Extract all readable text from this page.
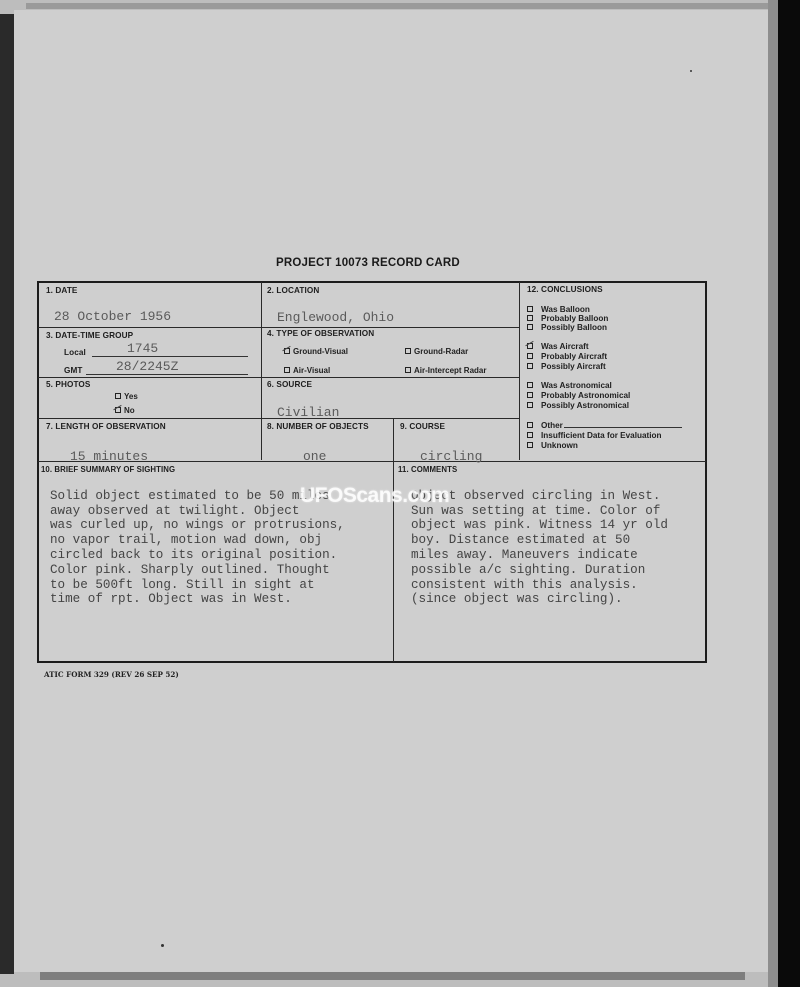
PROJECT 10073 RECORD CARD
1. DATE
28 October 1956
2. LOCATION
Englewood, Ohio
3. DATE-TIME GROUP
Local	1745
GMT	28/2245Z
4. TYPE OF OBSERVATION
Ground-Visual	Ground-Radar
Air-Visual	Air-Intercept Radar
5. PHOTOS
Yes
No
6. SOURCE
Civilian
7. LENGTH OF OBSERVATION
15 minutes
8. NUMBER OF OBJECTS
one
9. COURSE
circling
10. BRIEF SUMMARY OF SIGHTING

Solid object estimated to be 50 miles
away observed at twilight. Object
was curled up, no wings or protrusions,
no vapor trail, motion wad down, obj
circled back to its original position.
Color pink. Sharply outlined. Thought
to be 500ft long. Still in sight at
time of rpt. Object was in West.

11. COMMENTS

Object observed circling in West.
Sun was setting at time. Color of
object was pink. Witness 14 yr old
boy. Distance estimated at 50
miles away. Maneuvers indicate
possible a/c sighting. Duration
consistent with this analysis.
(since object was circling).

12. CONCLUSIONS
Was Balloon
Probably Balloon
Possibly Balloon
Was Aircraft
Probably Aircraft
Possibly Aircraft
Was Astronomical
Probably Astronomical
Possibly Astronomical
Other
Insufficient Data for Evaluation
Unknown
ATIC FORM 329 (REV 26 SEP 52)
UFOScans.com
